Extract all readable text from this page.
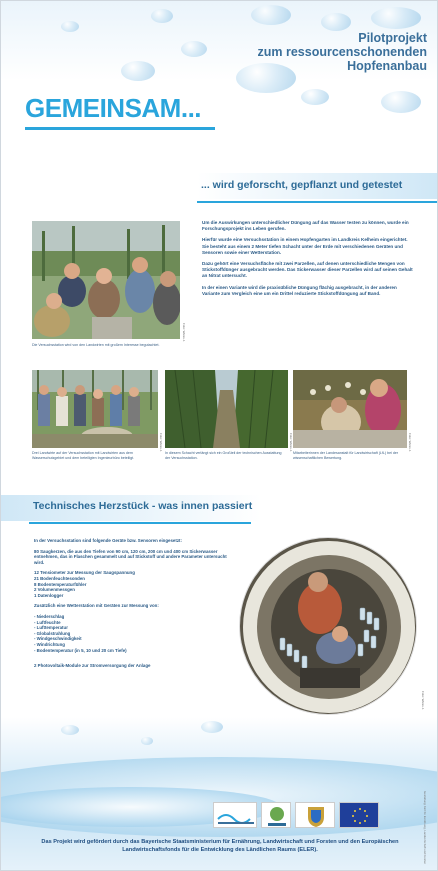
Pilotprojekt
zum ressourcenschonenden
Hopfenanbau
GEMEINSAM...
... wird geforscht, gepflanzt und getestet

Um die Auswirkungen unterschiedlicher Düngung auf das Wasser testen zu können, wurde ein Forschungsprojekt ins Leben gerufen.

Hierfür wurde eine Versuchsstation in einem Hopfengarten im Landkreis Kelheim eingerichtet. Sie besteht aus einem 2 Meter tiefen Schacht unter der Erde mit verschiedenen Geräten und Sensoren sowie einer Wetterstation.

Dazu gehört eine Versuchsfläche mit zwei Parzellen, auf denen unterschiedliche Mengen von Stickstoffdünger ausgebracht werden. Das Sickerwasser dieser Parzellen wird auf seinen Gehalt an Nitrat untersucht.

In der einen Variante wird die praxisübliche Düngung flächig ausgebracht, in der anderen Variante zum Vergleich eine um ein Drittel reduzierte Stickstoffdüngung auf Band.

Foto: Weiss J.
Die Versuchsstation wird von den Landwirten mit großem Interesse begutachtet.
Foto: Weiss J.
Drei Landwirte auf der Versuchsstation mit Landwirten aus dem Wasserschutzgebiet und dem beteiligten Ingenieurbüro beteiligt.
Foto: Weiss J.
In diesem Schacht verlängt sich ein Großteil der technischen Ausstattung der Versuchsstation.
Foto: Weiss J.
Mitarbeiterinnen der Landesanstalt für Landwirtschaft (LfL) bei der wissenschaftlichen Bewertung.
Technisches Herzstück - was innen passiert
In der Versuchsstation sind folgende Geräte bzw. Sensoren eingesetzt:
80 Saugkerzen, die aus den Tiefen von 90 cm, 120 cm, 200 cm und 400 cm Sickerwasser entnehmen, das in Flaschen gesammelt und auf Stickstoff und andere Parameter untersucht wird.
12 Tensiometer zur Messung der Saugspannung
21 Bodenfeuchtesonden
8 Bodentemperaturfühler
2 Volumenmessgen
1 Datenlogger
Zusätzlich eine Wetterstation mit Geräten zur Messung von:
- Niederschlag
- Luftfeuchte
- Lufttemperatur
- Globalstrahlung
- Windgeschwindigkeit
- Windrichtung
- Bodentemperatur (in 5, 10 und 20 cm Tiefe)
2 Photovoltaik-Module zur Stromversorgung der Anlage
Foto: Weiss J.
Gestaltung: Amt für Ernährung, Landwirtschaft und Forsten
Das Projekt wird gefördert durch das Bayerische Staatsministerium für Ernährung, Landwirtschaft und Forsten und den Europäischen Landwirtschaftsfonds für die Entwicklung des Ländlichen Raums (ELER).
